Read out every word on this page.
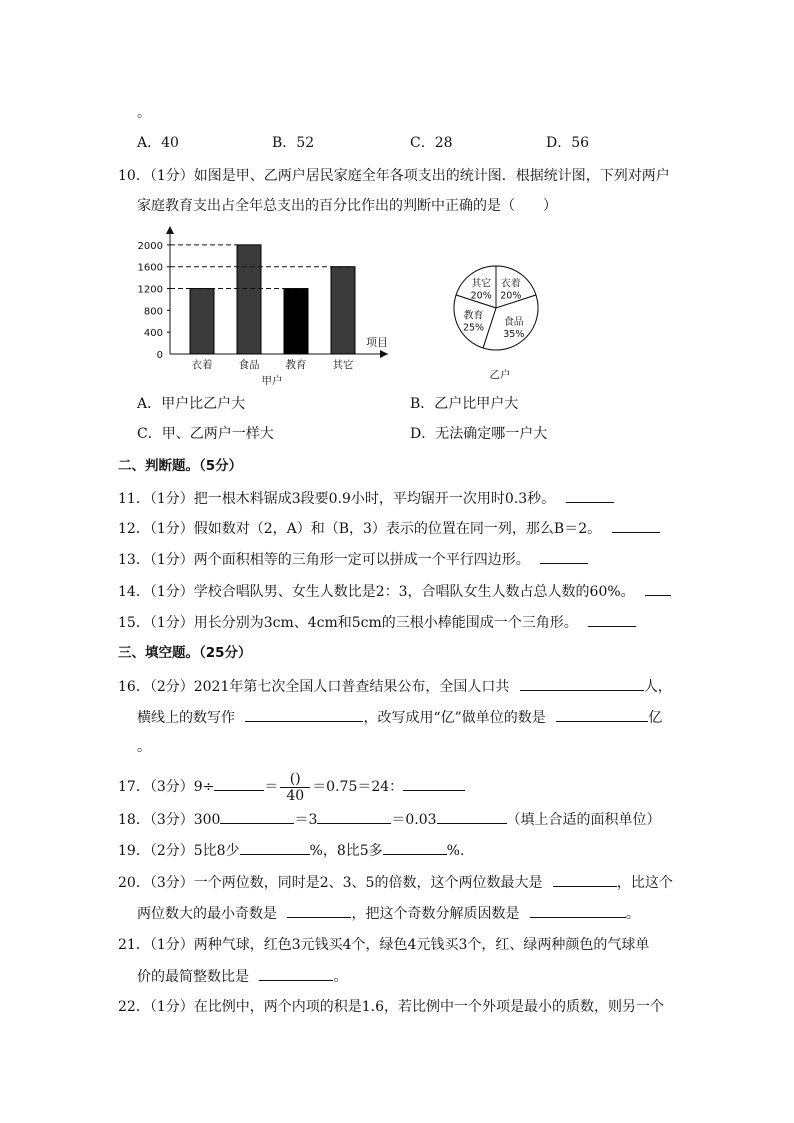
。
A．40	B．52	C．28	D．56
10．（1分）如图是甲、乙两户居民家庭全年各项支出的统计图．根据统计图，下列对两户
家庭教育支出占全年总支出的百分比作出的判断中正确的是（　　）
0
400
800
1200
1600
2000
衣着 食品 教育 其它
项目
甲户
其它
20%
衣着
20%
食品
35%
教育
25%
乙户
A．甲户比乙户大	B．乙户比甲户大
C．甲、乙两户一样大	D．无法确定哪一户大
二、判断题。（5分）
11．（1分）把一根木料锯成3段要0.9小时，平均锯开一次用时0.3秒。
12．（1分）假如数对（2，A）和（B，3）表示的位置在同一列，那么B＝2。
13．（1分）两个面积相等的三角形一定可以拼成一个平行四边形。
14．（1分）学校合唱队男、女生人数比是2：3，合唱队女生人数占总人数的60%。
15．（1分）用长分别为3cm、4cm和5cm的三根小棒能围成一个三角形。
三、填空题。（25分）
16．（2分）2021年第七次全国人口普查结果公布，全国人口共	人，
横线上的数写作	，改写成用“亿”做单位的数是	亿
。
17．（3分）9÷	＝ $\frac{()}{40} =0.75=24$：
18．（3分）300	＝3	＝0.03	（填上合适的面积单位）
19．（2分）5比8少	%，8比5多	%．
20．（3分）一个两位数，同时是2、3、5的倍数，这个两位数最大是	，比这个
两位数大的最小奇数是	，把这个奇数分解质因数是	。
21．（1分）两种气球，红色3元钱买4个，绿色4元钱买3个，红、绿两种颜色的气球单
价的最简整数比是	。
22．（1分）在比例中，两个内项的积是1.6，若比例中一个外项是最小的质数，则另一个
